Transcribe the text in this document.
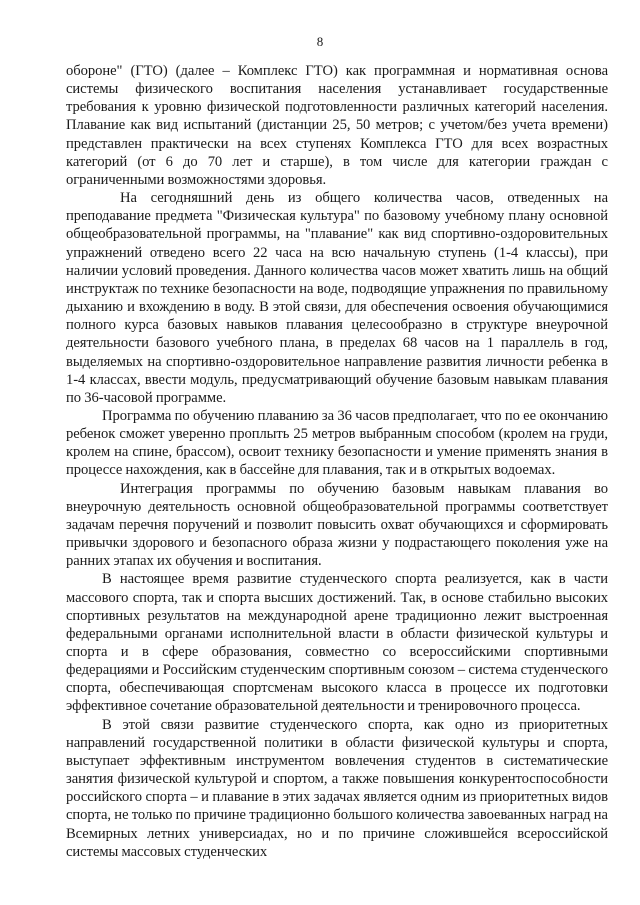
8

обороне" (ГТО) (далее – Комплекс ГТО) как программная и нормативная основа системы физического воспитания населения устанавливает государственные требования к уровню физической подготовленности различных категорий населения. Плавание как вид испытаний (дистанции 25, 50 метров; с учетом/без учета времени) представлен практически на всех ступенях Комплекса ГТО для всех возрастных категорий (от 6 до 70 лет и старше), в том числе для категории граждан с ограниченными возможностями здоровья.

На сегодняшний день из общего количества часов, отведенных на преподавание предмета "Физическая культура" по базовому учебному плану основной общеобразовательной программы, на "плавание" как вид спортивно-оздоровительных упражнений отведено всего 22 часа на всю начальную ступень (1-4 классы), при наличии условий проведения. Данного количества часов может хватить лишь на общий инструктаж по технике безопасности на воде, подводящие упражнения по правильному дыханию и вхождению в воду. В этой связи, для обеспечения освоения обучающимися полного курса базовых навыков плавания целесообразно в структуре внеурочной деятельности базового учебного плана, в пределах 68 часов на 1 параллель в год, выделяемых на спортивно-оздоровительное направление развития личности ребенка в 1-4 классах, ввести модуль, предусматривающий обучение базовым навыкам плавания по 36-часовой программе.

Программа по обучению плаванию за 36 часов предполагает, что по ее окончанию ребенок сможет уверенно проплыть 25 метров выбранным способом (кролем на груди, кролем на спине, брассом), освоит технику безопасности и умение применять знания в процессе нахождения, как в бассейне для плавания, так и в открытых водоемах.

Интеграция программы по обучению базовым навыкам плавания во внеурочную деятельность основной общеобразовательной программы соответствует задачам перечня поручений и позволит повысить охват обучающихся и сформировать привычки здорового и безопасного образа жизни у подрастающего поколения уже на ранних этапах их обучения и воспитания.

В настоящее время развитие студенческого спорта реализуется, как в части массового спорта, так и спорта высших достижений. Так, в основе стабильно высоких спортивных результатов на международной арене традиционно лежит выстроенная федеральными органами исполнительной власти в области физической культуры и спорта и в сфере образования, совместно со всероссийскими спортивными федерациями и Российским студенческим спортивным союзом – система студенческого спорта, обеспечивающая спортсменам высокого класса в процессе их подготовки эффективное сочетание образовательной деятельности и тренировочного процесса.

В этой связи развитие студенческого спорта, как одно из приоритетных направлений государственной политики в области физической культуры и спорта, выступает эффективным инструментом вовлечения студентов в систематические занятия физической культурой и спортом, а также повышения конкурентоспособности российского спорта – и плавание в этих задачах является одним из приоритетных видов спорта, не только по причине традиционно большого количества завоеванных наград на Всемирных летних универсиадах, но и по причине сложившейся всероссийской системы массовых студенческих
